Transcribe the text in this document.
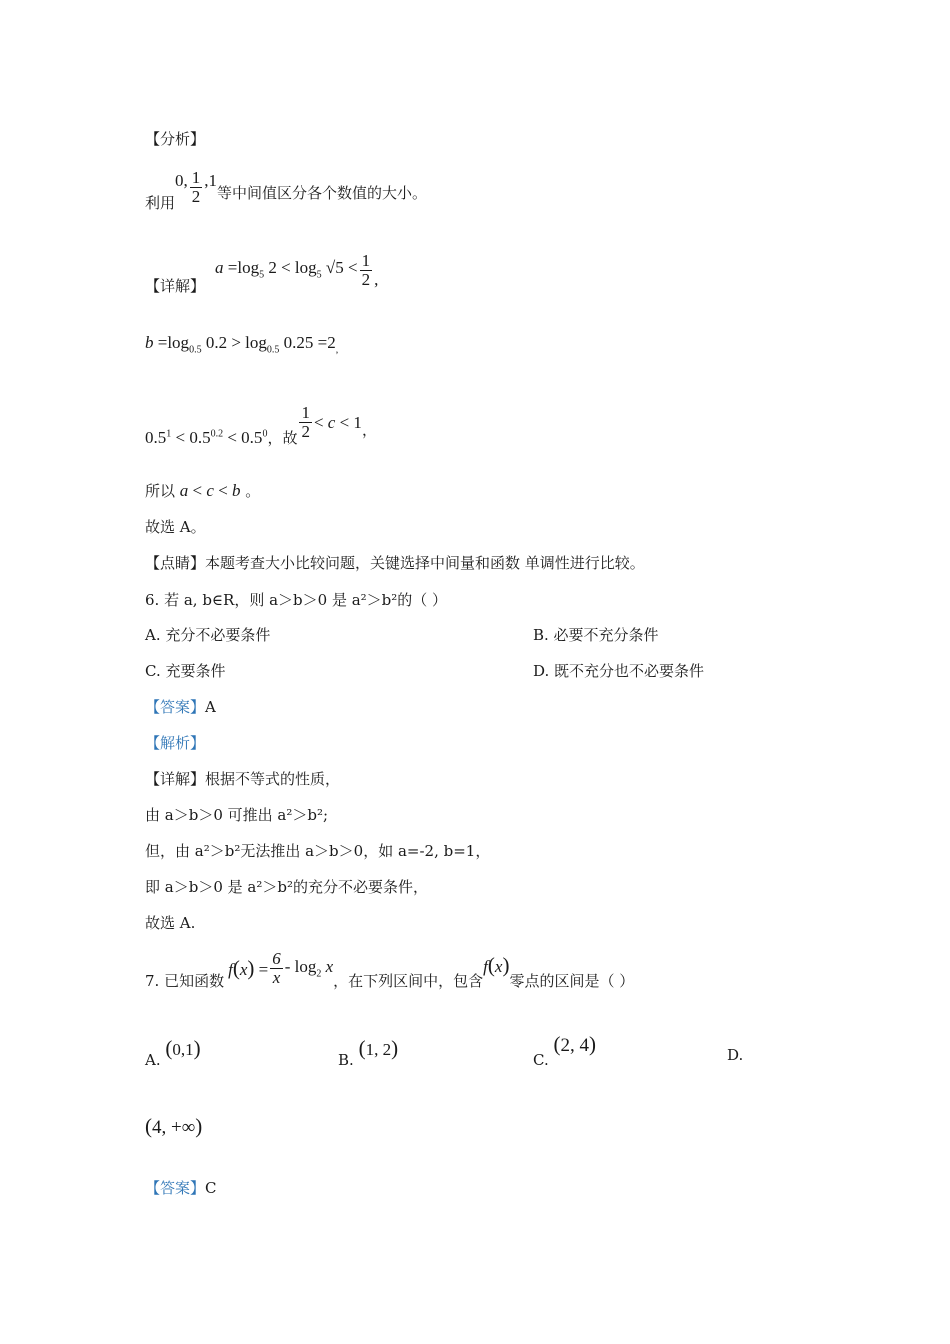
【分析】
利用
0, $\frac{1}{2} ,1$
等中间值区分各个数值的大小。
【详解】
$a =\log_5$ $2 < \log_5 √5 < \frac{1}{2}$ ,
$b =\log_{0.5}$ $0.2 > \log_{0.5} 0.25 =2_,$
$0.5^1 < 0.5^{0.2} < 0.5^0$ ，故 $\frac{1}{2} < c < 1$ ，
所以 a < c < b 。
故选 A。
【点睛】本题考查大小比较问题，关键选择中间量和函数 单调性进行比较。
6. 若 a, b∈R，则 a＞b＞0 是 a²＞b²的（ ）
A. 充分不必要条件	B. 必要不充分条件
C. 充要条件	D. 既不充分也不必要条件
【答案】A
【解析】
【详解】根据不等式的性质，
由 a＞b＞0 可推出 a²＞b²;
但，由 a²＞b²无法推出 a＞b＞0，如 a=-2, b=1，
即 a＞b＞0 是 a²＞b²的充分不必要条件，
故选 A.
7. 已知函数
$f(x) = \frac{6}{x} - \log_2 x$
，在下列区间中，包含
f(x)
零点的区间是（ ）
A. (0,1)	B. (1, 2)	C. (2, 4)	D.
(4, +∞)
【答案】C
